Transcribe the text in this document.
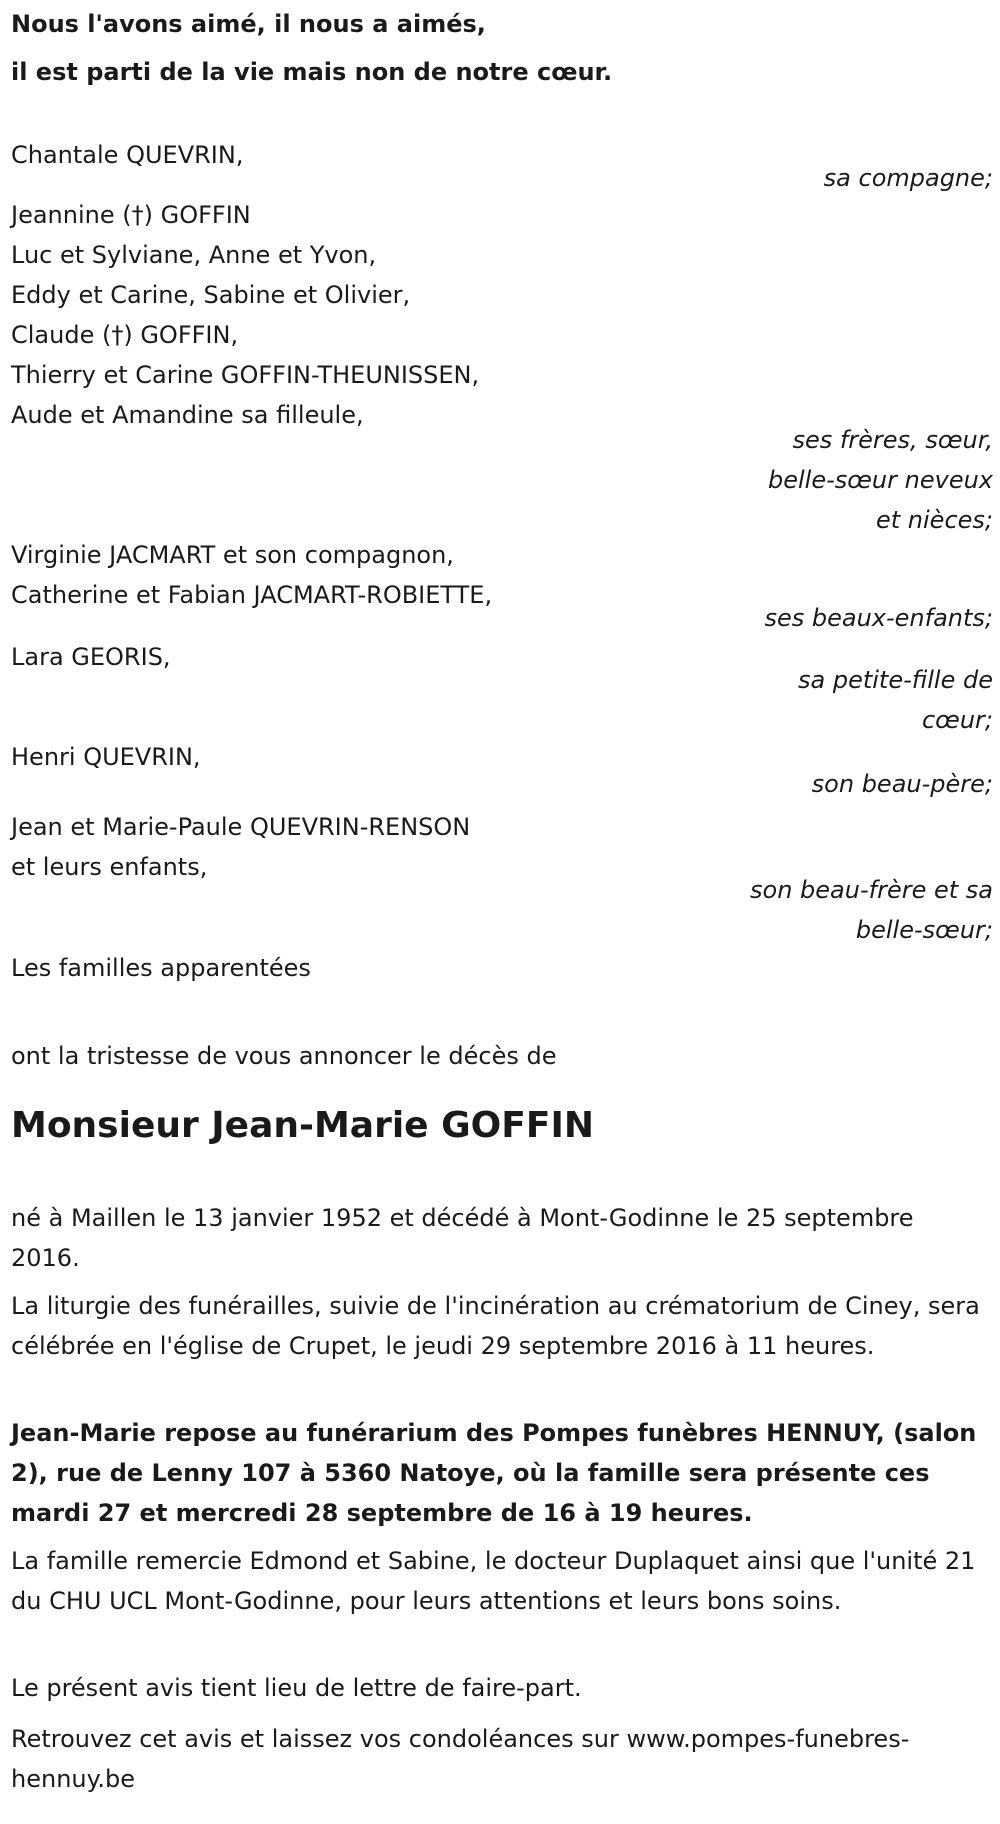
Nous l'avons aimé, il nous a aimés,
il est parti de la vie mais non de notre cœur.
Chantale QUEVRIN,
sa compagne;
Jeannine (†) GOFFIN
Luc et Sylviane, Anne et Yvon,
Eddy et Carine, Sabine et Olivier,
Claude (†) GOFFIN,
Thierry et Carine GOFFIN-THEUNISSEN,
Aude et Amandine sa filleule,
ses frères, sœur,
belle-sœur neveux
et nièces;
Virginie JACMART et son compagnon,
Catherine et Fabian JACMART-ROBIETTE,
ses beaux-enfants;
Lara GEORIS,
sa petite-fille de
cœur;
Henri QUEVRIN,
son beau-père;
Jean et Marie-Paule QUEVRIN-RENSON
et leurs enfants,
son beau-frère et sa
belle-sœur;
Les familles apparentées
ont la tristesse de vous annoncer le décès de
Monsieur Jean-Marie GOFFIN
né à Maillen le 13 janvier 1952 et décédé à Mont-Godinne le 25 septembre 2016.
La liturgie des funérailles, suivie de l'incinération au crématorium de Ciney, sera célébrée en l'église de Crupet, le jeudi 29 septembre 2016 à 11 heures.
Jean-Marie repose au funérarium des Pompes funèbres HENNUY, (salon 2), rue de Lenny 107 à 5360 Natoye, où la famille sera présente ces mardi 27 et mercredi 28 septembre de 16 à 19 heures.
La famille remercie Edmond et Sabine, le docteur Duplaquet ainsi que l'unité 21 du CHU UCL Mont-Godinne, pour leurs attentions et leurs bons soins.
Le présent avis tient lieu de lettre de faire-part.
Retrouvez cet avis et laissez vos condoléances sur www.pompes-funebres-hennuy.be
